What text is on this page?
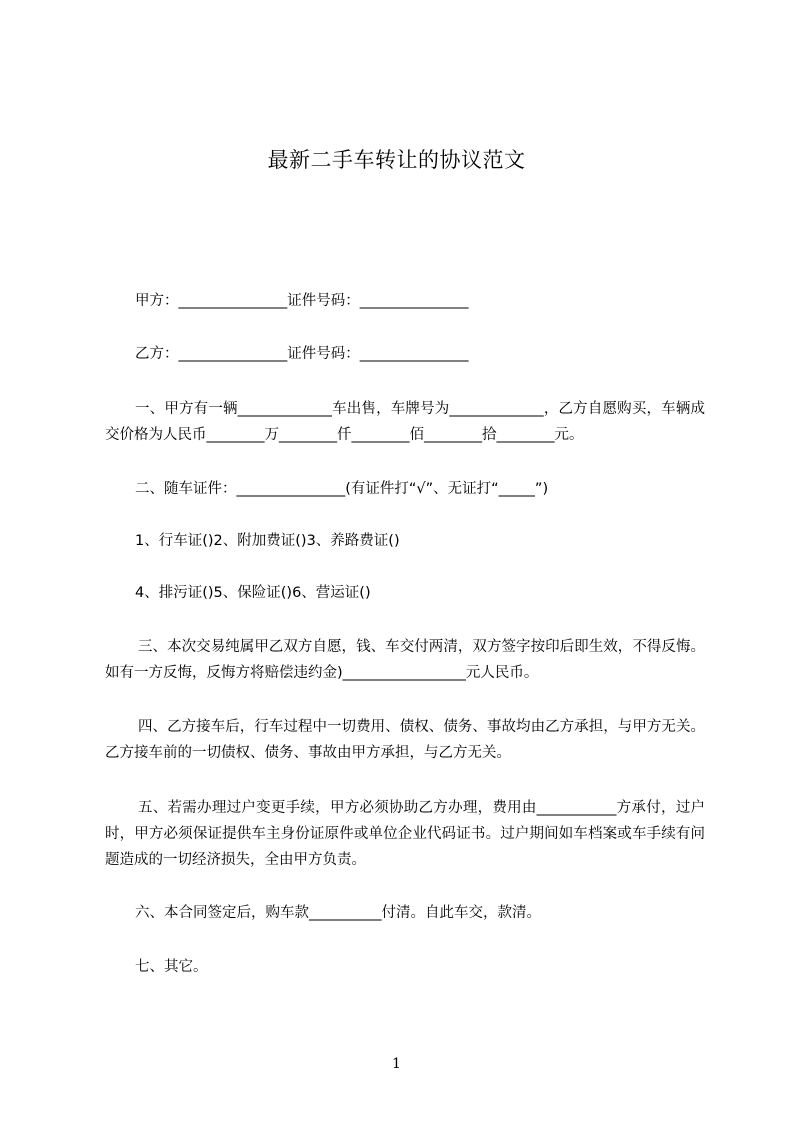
最新二手车转让的协议范文
甲方：_______________证件号码：_______________
乙方：_______________证件号码：_______________
一、甲方有一辆_____________车出售，车牌号为_____________，乙方自愿购买，车辆成交价格为人民币________万________仟________佰________拾________元。
二、随车证件：_______________(有证件打“√”、无证打“_____”)
1、行车证()2、附加费证()3、养路费证()
4、排污证()5、保险证()6、营运证()
三、本次交易纯属甲乙双方自愿，钱、车交付两清，双方签字按印后即生效，不得反悔。如有一方反悔，反悔方将赔偿违约金)_________________元人民币。
四、乙方接车后，行车过程中一切费用、债权、债务、事故均由乙方承担，与甲方无关。乙方接车前的一切债权、债务、事故由甲方承担，与乙方无关。
五、若需办理过户变更手续，甲方必须协助乙方办理，费用由___________方承付，过户时，甲方必须保证提供车主身份证原件或单位企业代码证书。过户期间如车档案或车手续有问题造成的一切经济损失，全由甲方负责。
六、本合同签定后，购车款__________付清。自此车交，款清。
七、其它。
1
